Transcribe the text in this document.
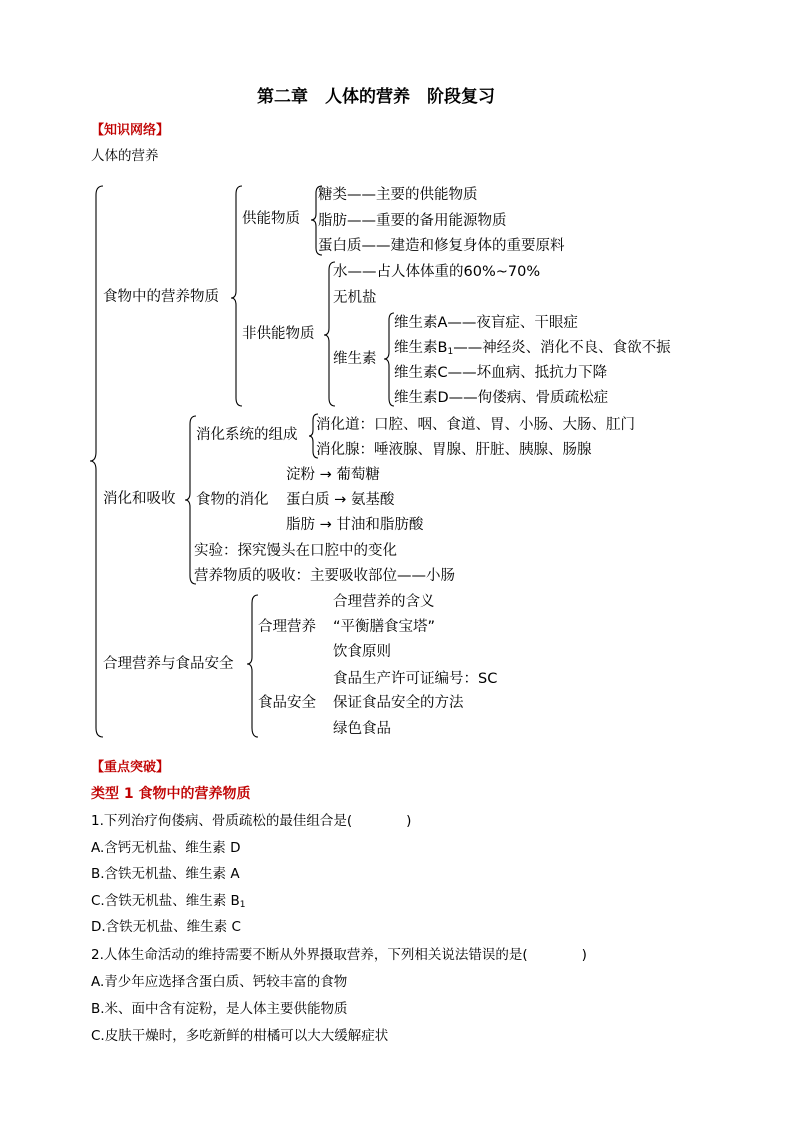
第二章　人体的营养　阶段复习
【知识网络】
人体的营养
食物中的营养物质
供能物质
糖类——主要的供能物质
脂肪——重要的备用能源物质
蛋白质——建造和修复身体的重要原料
非供能物质
水——占人体体重的60%~70%
无机盐
维生素
维生素A——夜盲症、干眼症
维生素$B_1——$神经炎、消化不良、食欲不振
维生素C——坏血病、抵抗力下降
维生素D——佝偻病、骨质疏松症
消化和吸收
消化系统的组成
消化道：口腔、咽、食道、胃、小肠、大肠、肛门
消化腺：唾液腺、胃腺、肝脏、胰腺、肠腺
食物的消化
淀粉 → 葡萄糖
蛋白质 → 氨基酸
脂肪 → 甘油和脂肪酸
实验：探究馒头在口腔中的变化
营养物质的吸收：主要吸收部位——小肠
合理营养与食品安全
合理营养
合理营养的含义
“平衡膳食宝塔”
饮食原则
食品生产许可证编号：SC
食品安全 保证食品安全的方法
绿色食品
【重点突破】
类型 1 食物中的营养物质
1.下列治疗佝偻病、骨质疏松的最佳组合是(　　　　)
A.含钙无机盐、维生素 D
B.含铁无机盐、维生素 A
C.含铁无机盐、维生素 $B_1$
D.含铁无机盐、维生素 C
2.人体生命活动的维持需要不断从外界摄取营养，下列相关说法错误的是(　　　　)
A.青少年应选择含蛋白质、钙较丰富的食物
B.米、面中含有淀粉，是人体主要供能物质
C.皮肤干燥时，多吃新鲜的柑橘可以大大缓解症状
